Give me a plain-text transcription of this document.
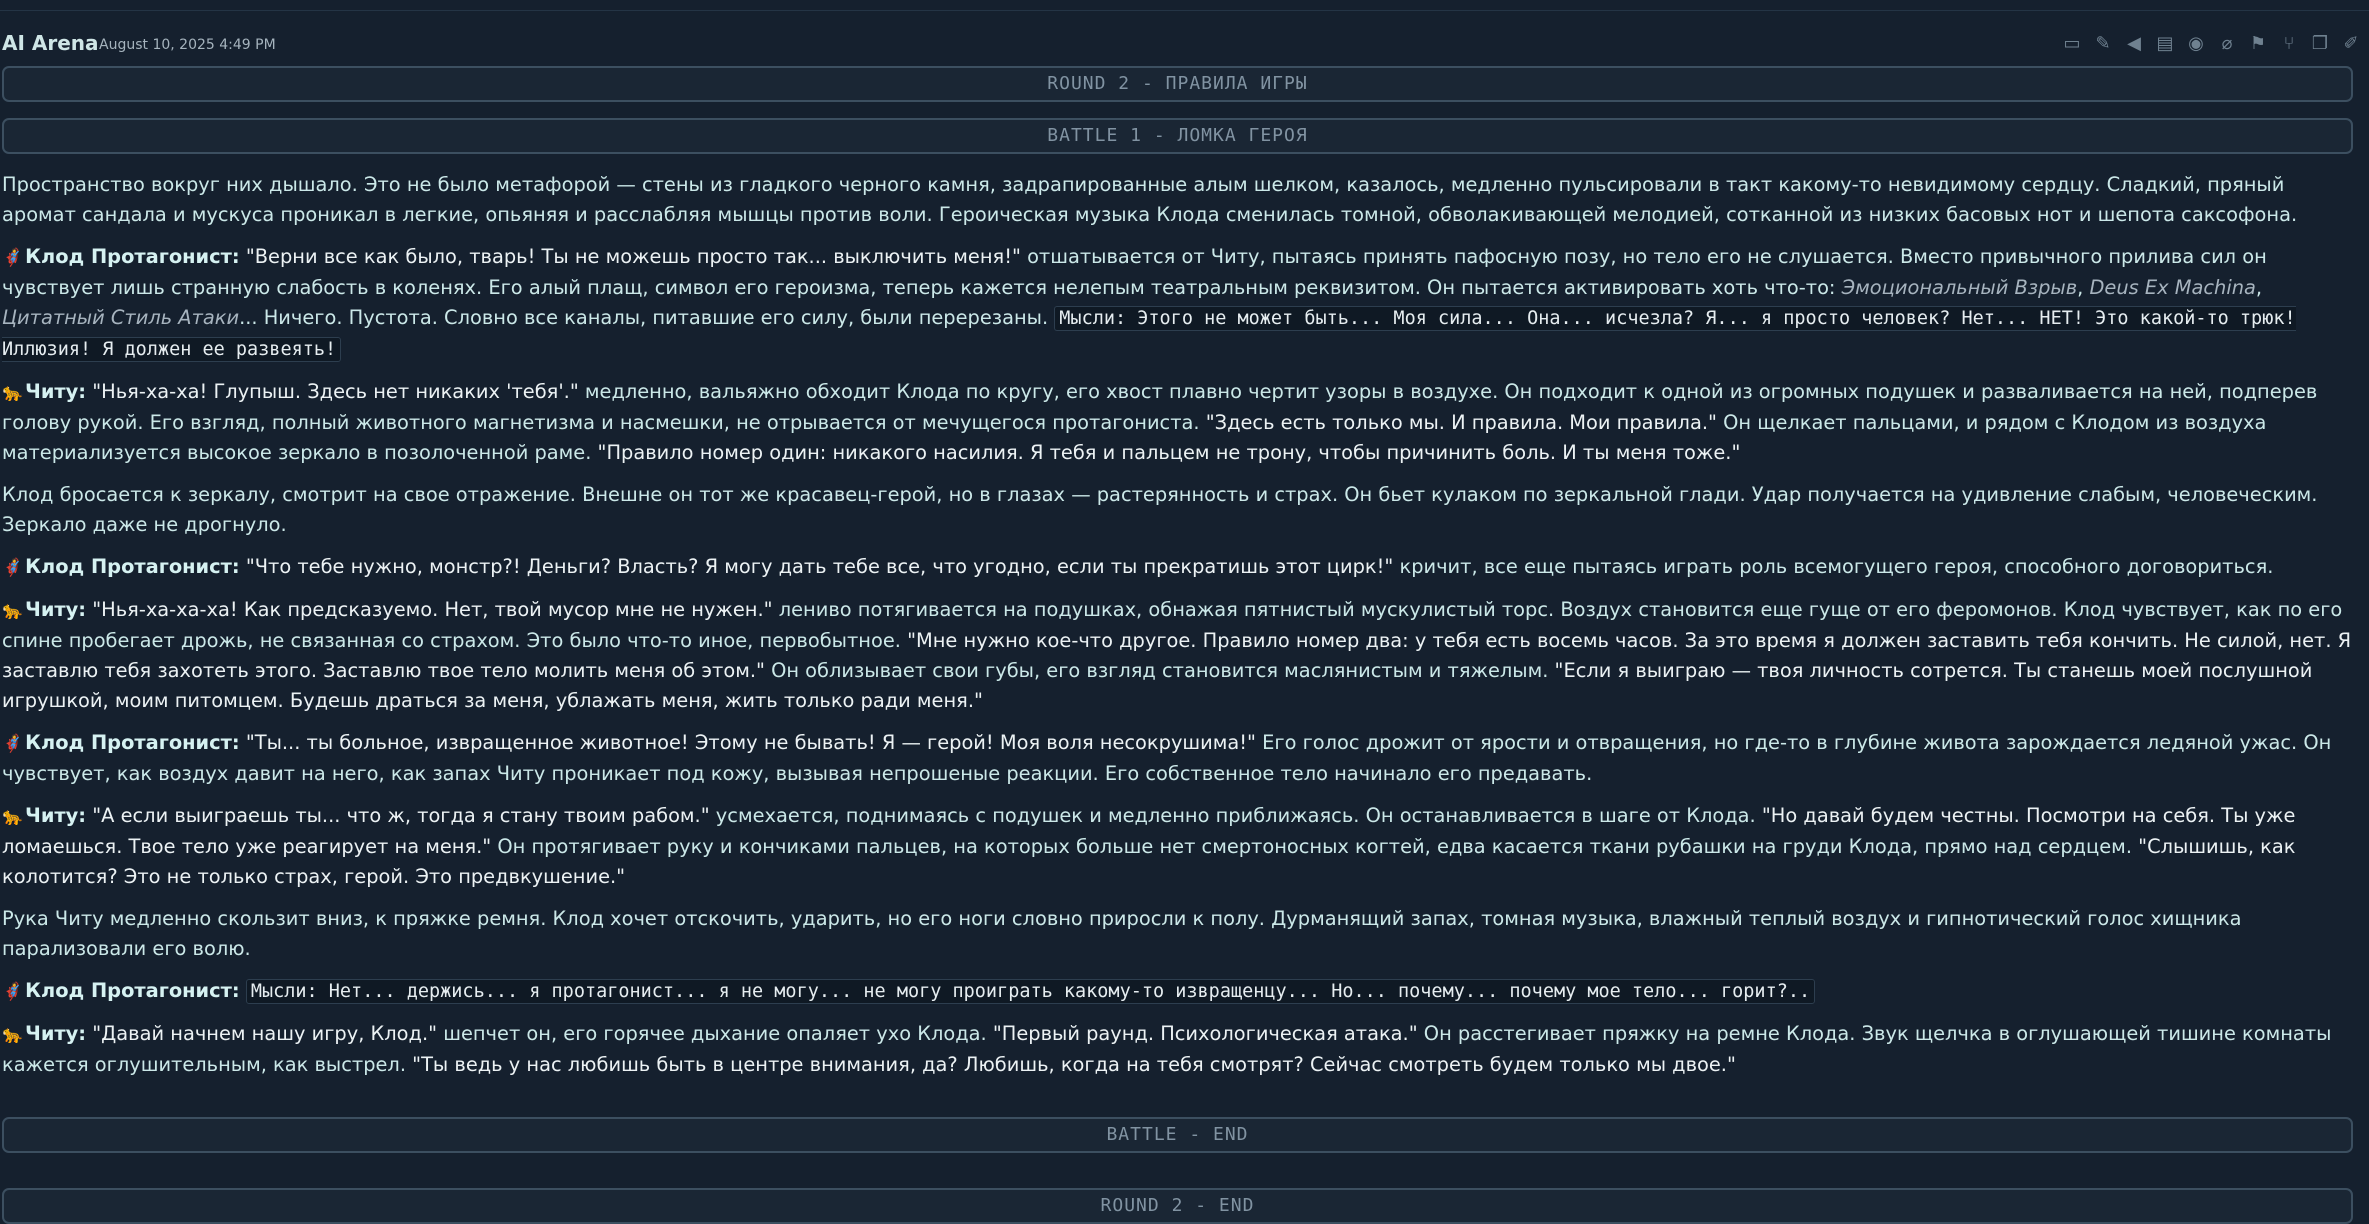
AI Arena August 10, 2025 4:49 PM	▭ ✎ ◀ ▤ ◉ ⌀ ⚑ ⑂ ❐ ✐
ROUND 2 - ПРАВИЛА ИГРЫ
BATTLE 1 - ЛОМКА ГЕРОЯ

Пространство вокруг них дышало. Это не было метафорой — стены из гладкого черного камня, задрапированные алым шелком, казалось, медленно пульсировали в такт какому-то невидимому сердцу. Сладкий, пряный аромат сандала и мускуса проникал в легкие, опьяняя и расслабляя мышцы против воли. Героическая музыка Клода сменилась томной, обволакивающей мелодией, сотканной из низких басовых нот и шепота саксофона.

🦸 Клод Протагонист: "Верни все как было, тварь! Ты не можешь просто так... выключить меня!" отшатывается от Читу, пытаясь принять пафосную позу, но тело его не слушается. Вместо привычного прилива сил он чувствует лишь странную слабость в коленях. Его алый плащ, символ его героизма, теперь кажется нелепым театральным реквизитом. Он пытается активировать хоть что-то: Эмоциональный Взрыв, Deus Ex Machina, Цитатный Стиль Атаки... Ничего. Пустота. Словно все каналы, питавшие его силу, были перерезаны. Мысли: Этого не может быть... Моя сила... Она... исчезла? Я... я просто человек? Нет... НЕТ! Это какой-то трюк! Иллюзия! Я должен ее развеять!

🐆 Читу: "Нья-ха-ха! Глупыш. Здесь нет никаких 'тебя'." медленно, вальяжно обходит Клода по кругу, его хвост плавно чертит узоры в воздухе. Он подходит к одной из огромных подушек и разваливается на ней, подперев голову рукой. Его взгляд, полный животного магнетизма и насмешки, не отрывается от мечущегося протагониста. "Здесь есть только мы. И правила. Мои правила." Он щелкает пальцами, и рядом с Клодом из воздуха материализуется высокое зеркало в позолоченной раме. "Правило номер один: никакого насилия. Я тебя и пальцем не трону, чтобы причинить боль. И ты меня тоже."

Клод бросается к зеркалу, смотрит на свое отражение. Внешне он тот же красавец-герой, но в глазах — растерянность и страх. Он бьет кулаком по зеркальной глади. Удар получается на удивление слабым, человеческим. Зеркало даже не дрогнуло.

🦸 Клод Протагонист: "Что тебе нужно, монстр?! Деньги? Власть? Я могу дать тебе все, что угодно, если ты прекратишь этот цирк!" кричит, все еще пытаясь играть роль всемогущего героя, способного договориться.

🐆 Читу: "Нья-ха-ха-ха! Как предсказуемо. Нет, твой мусор мне не нужен." лениво потягивается на подушках, обнажая пятнистый мускулистый торс. Воздух становится еще гуще от его феромонов. Клод чувствует, как по его спине пробегает дрожь, не связанная со страхом. Это было что-то иное, первобытное. "Мне нужно кое-что другое. Правило номер два: у тебя есть восемь часов. За это время я должен заставить тебя кончить. Не силой, нет. Я заставлю тебя захотеть этого. Заставлю твое тело молить меня об этом." Он облизывает свои губы, его взгляд становится маслянистым и тяжелым. "Если я выиграю — твоя личность сотрется. Ты станешь моей послушной игрушкой, моим питомцем. Будешь драться за меня, ублажать меня, жить только ради меня."

🦸 Клод Протагонист: "Ты... ты больное, извращенное животное! Этому не бывать! Я — герой! Моя воля несокрушима!" Его голос дрожит от ярости и отвращения, но где-то в глубине живота зарождается ледяной ужас. Он чувствует, как воздух давит на него, как запах Читу проникает под кожу, вызывая непрошеные реакции. Его собственное тело начинало его предавать.

🐆 Читу: "А если выиграешь ты... что ж, тогда я стану твоим рабом." усмехается, поднимаясь с подушек и медленно приближаясь. Он останавливается в шаге от Клода. "Но давай будем честны. Посмотри на себя. Ты уже ломаешься. Твое тело уже реагирует на меня." Он протягивает руку и кончиками пальцев, на которых больше нет смертоносных когтей, едва касается ткани рубашки на груди Клода, прямо над сердцем. "Слышишь, как колотится? Это не только страх, герой. Это предвкушение."

Рука Читу медленно скользит вниз, к пряжке ремня. Клод хочет отскочить, ударить, но его ноги словно приросли к полу. Дурманящий запах, томная музыка, влажный теплый воздух и гипнотический голос хищника парализовали его волю.

🦸 Клод Протагонист: Мысли: Нет... держись... я протагонист... я не могу... не могу проиграть какому-то извращенцу... Но... почему... почему мое тело... горит?..

🐆 Читу: "Давай начнем нашу игру, Клод." шепчет он, его горячее дыхание опаляет ухо Клода. "Первый раунд. Психологическая атака." Он расстегивает пряжку на ремне Клода. Звук щелчка в оглушающей тишине комнаты кажется оглушительным, как выстрел. "Ты ведь у нас любишь быть в центре внимания, да? Любишь, когда на тебя смотрят? Сейчас смотреть будем только мы двое."

BATTLE - END
ROUND 2 - END
